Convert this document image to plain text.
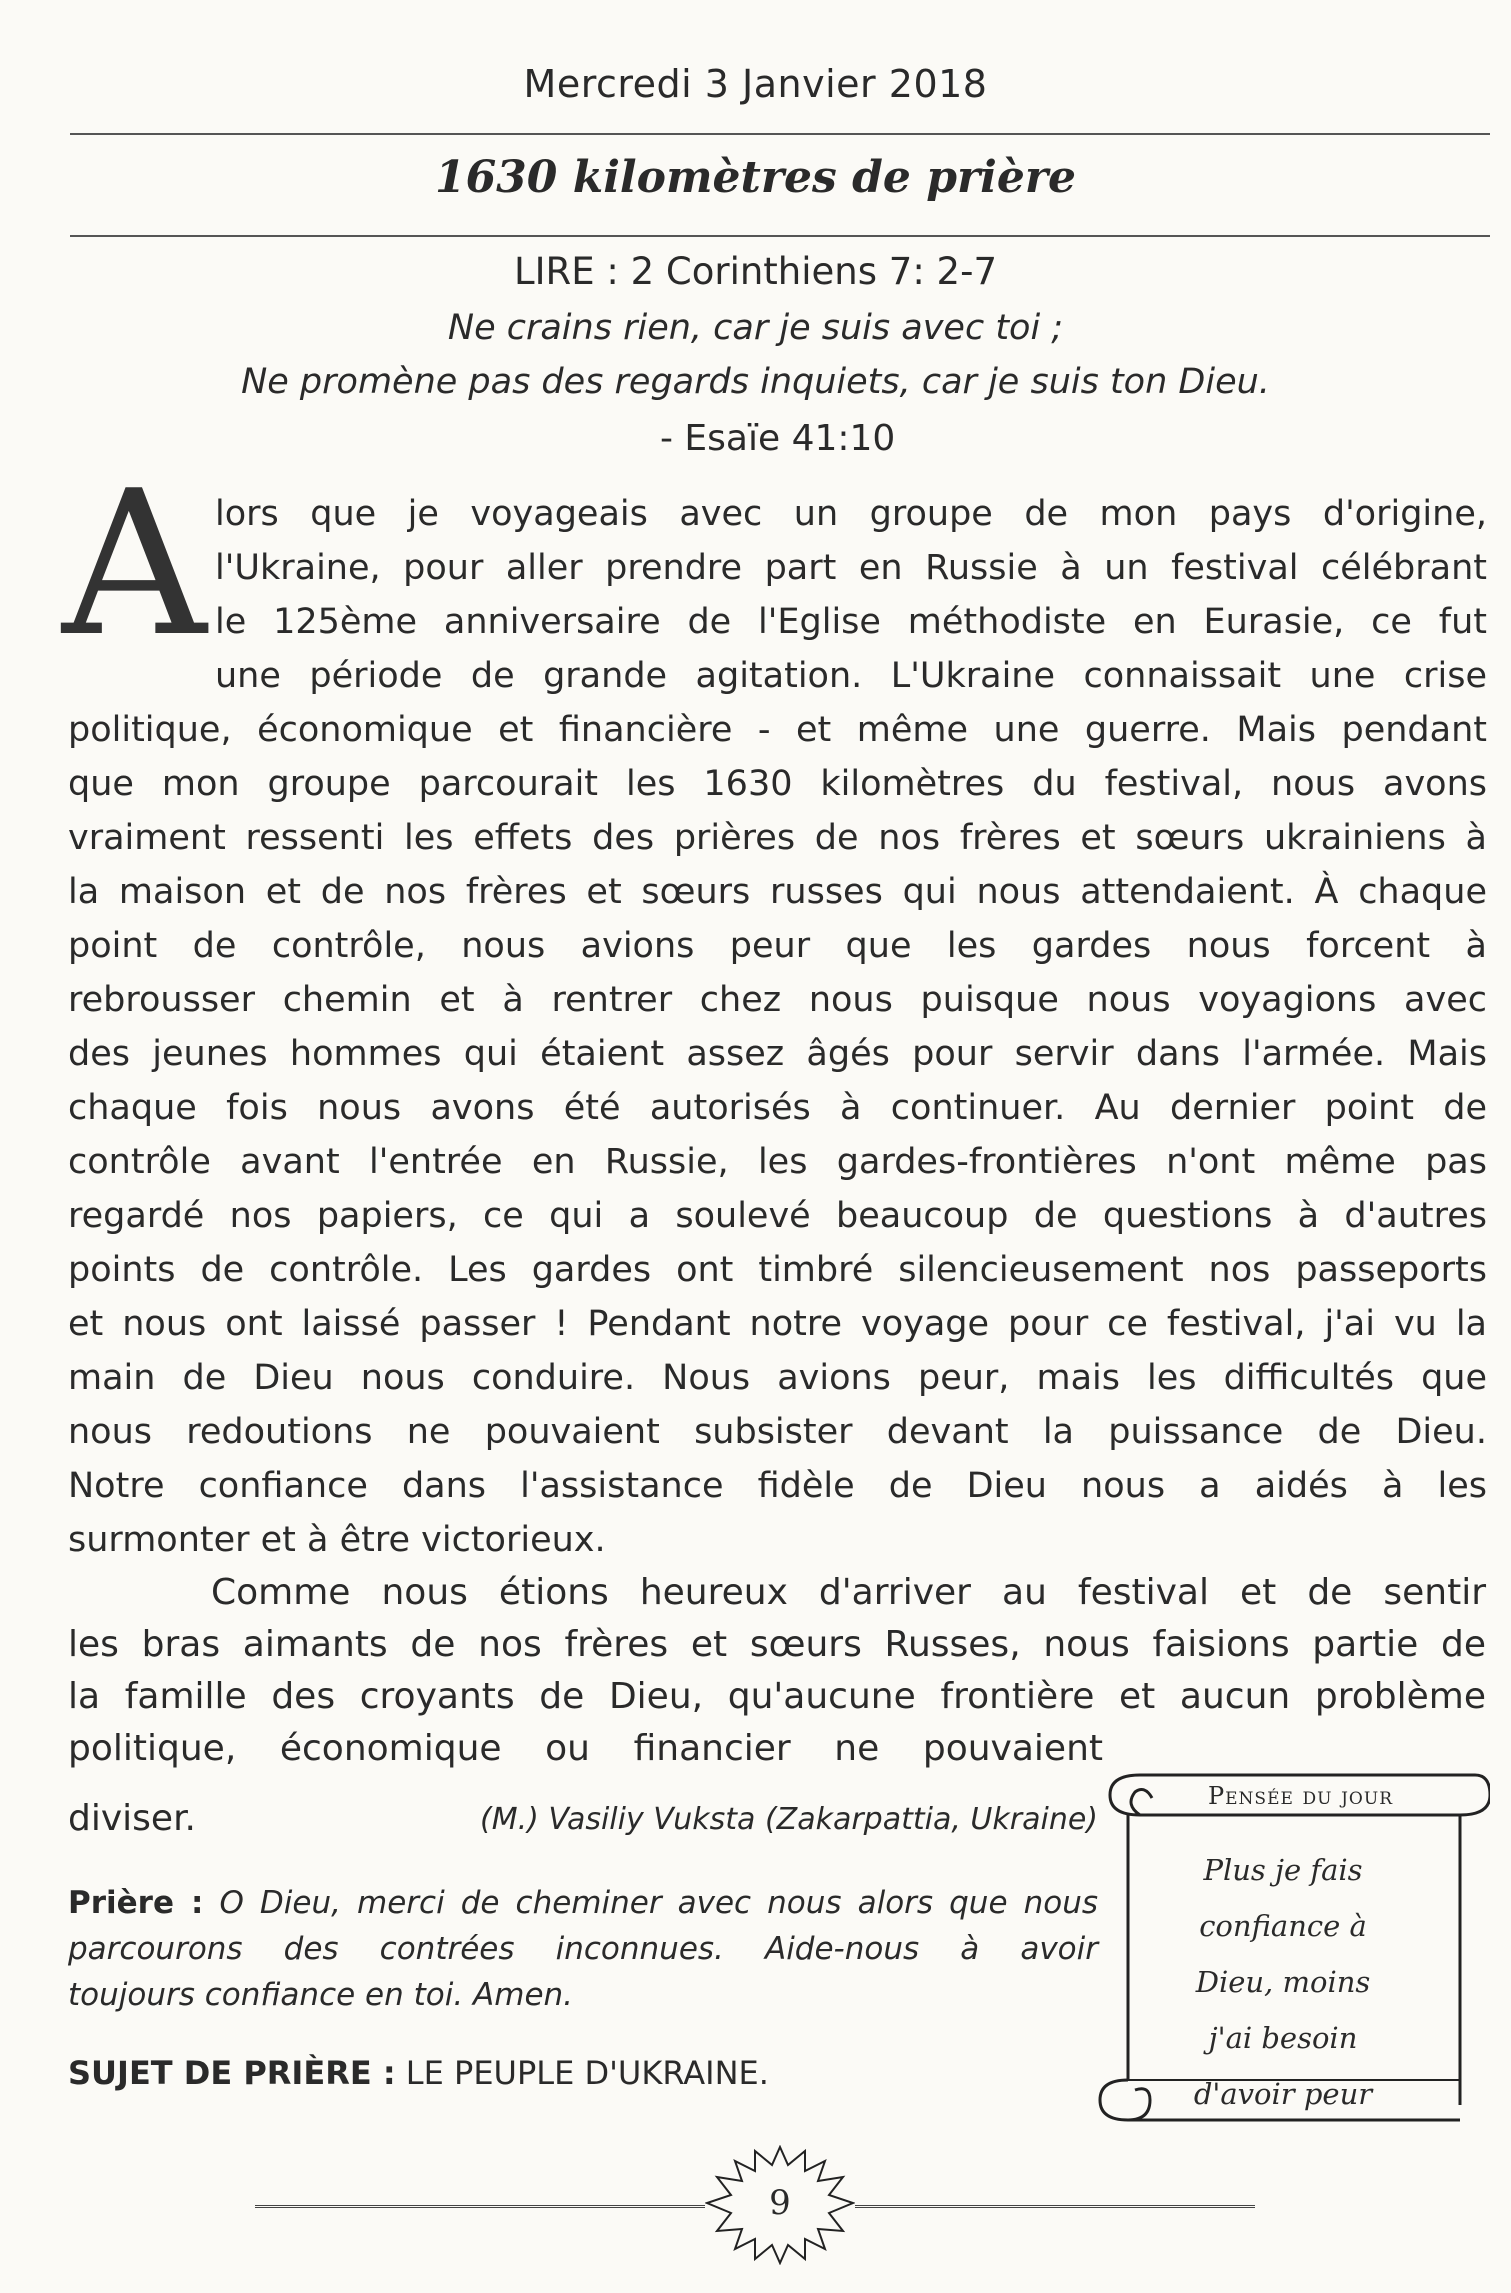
Mercredi 3 Janvier 2018
1630 kilomètres de prière
LIRE : 2 Corinthiens 7: 2-7
Ne crains rien, car je suis avec toi ;
Ne promène pas des regards inquiets, car je suis ton Dieu.
- Esaïe 41:10
A lors que je voyageais avec un groupe de mon pays d'origine,
l'Ukraine, pour aller prendre part en Russie à un festival célébrant
le 125ème anniversaire de l'Eglise méthodiste en Eurasie, ce fut
une période de grande agitation. L'Ukraine connaissait une crise
politique, économique et financière - et même une guerre. Mais pendant
que mon groupe parcourait les 1630 kilomètres du festival, nous avons
vraiment ressenti les effets des prières de nos frères et sœurs ukrainiens à
la maison et de nos frères et sœurs russes qui nous attendaient. À chaque
point de contrôle, nous avions peur que les gardes nous forcent à
rebrousser chemin et à rentrer chez nous puisque nous voyagions avec
des jeunes hommes qui étaient assez âgés pour servir dans l'armée. Mais
chaque fois nous avons été autorisés à continuer. Au dernier point de
contrôle avant l'entrée en Russie, les gardes-frontières n'ont même pas
regardé nos papiers, ce qui a soulevé beaucoup de questions à d'autres
points de contrôle. Les gardes ont timbré silencieusement nos passeports
et nous ont laissé passer ! Pendant notre voyage pour ce festival, j'ai vu la
main de Dieu nous conduire. Nous avions peur, mais les difficultés que
nous redoutions ne pouvaient subsister devant la puissance de Dieu.
Notre confiance dans l'assistance fidèle de Dieu nous a aidés à les
surmonter et à être victorieux.
Comme nous étions heureux d'arriver au festival et de sentir
les bras aimants de nos frères et sœurs Russes, nous faisions partie de
la famille des croyants de Dieu, qu'aucune frontière et aucun problème
politique, économique ou financier ne pouvaient
diviser.	(M.) Vasiliy Vuksta (Zakarpattia, Ukraine)
Prière : O Dieu, merci de cheminer avec nous alors que nous
parcourons des contrées inconnues. Aide-nous à avoir
toujours confiance en toi. Amen.
SUJET DE PRIÈRE : LE PEUPLE D'UKRAINE.
Pensée du jour
Plus je fais
confiance à
Dieu, moins
j'ai besoin
d'avoir peur
9
